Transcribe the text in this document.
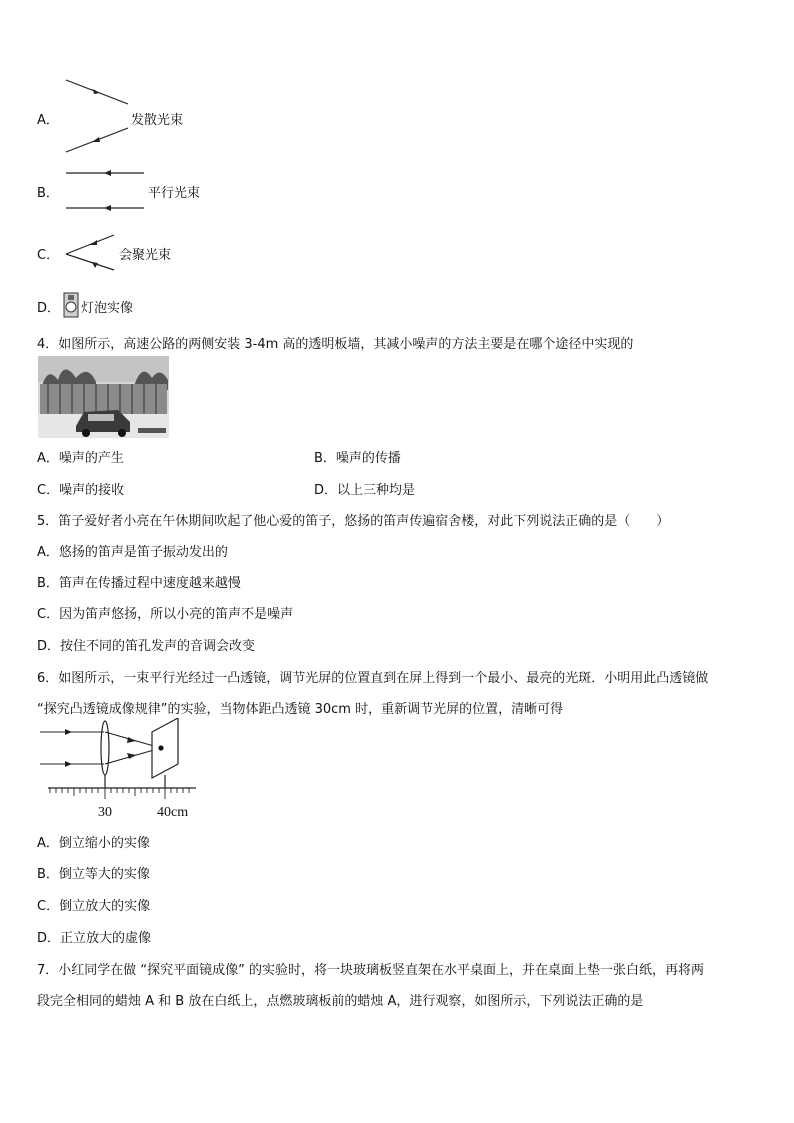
A．	发散光束
B．	平行光束
C．	会聚光束
D． 灯泡实像
4．如图所示，高速公路的两侧安装 3-4m 高的透明板墙，其减小噪声的方法主要是在哪个途径中实现的
A．噪声的产生	B．噪声的传播
C．噪声的接收	D．以上三种均是
5．笛子爱好者小亮在午休期间吹起了他心爱的笛子，悠扬的笛声传遍宿舍楼，对此下列说法正确的是（　　）
A．悠扬的笛声是笛子振动发出的
B．笛声在传播过程中速度越来越慢
C．因为笛声悠扬，所以小亮的笛声不是噪声
D．按住不同的笛孔发声的音调会改变
6．如图所示，一束平行光经过一凸透镜，调节光屏的位置直到在屏上得到一个最小、最亮的光斑．小明用此凸透镜做
“探究凸透镜成像规律”的实验，当物体距凸透镜 30cm 时，重新调节光屏的位置，清晰可得
30	40cm
A．倒立缩小的实像
B．倒立等大的实像
C．倒立放大的实像
D．正立放大的虚像
7．小红同学在做 “探究平面镜成像” 的实验时，将一块玻璃板竖直架在水平桌面上，并在桌面上垫一张白纸，再将两
段完全相同的蜡烛 A 和 B 放在白纸上，点燃玻璃板前的蜡烛 A，进行观察，如图所示，下列说法正确的是
